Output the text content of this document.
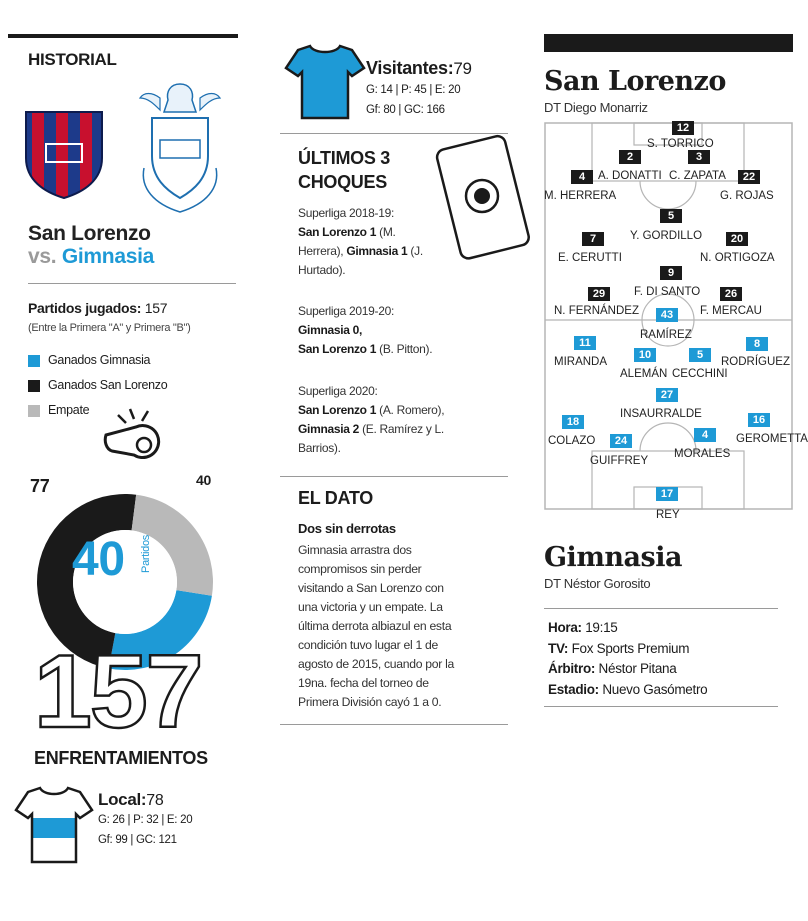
HISTORIAL
San Lorenzo
vs. Gimnasia
Partidos jugados: 157
(Entre la Primera "A" y Primera "B")
Ganados Gimnasia
Ganados San Lorenzo
Empate
77	40
40 Partidos
157
ENFRENTAMIENTOS
Local:78
G: 26 | P: 32 | E: 20
Gf: 99 | GC: 121
Visitantes:79
G: 14 | P: 45 | E: 20
Gf: 80 | GC: 166
ÚLTIMOS 3
CHOQUES
Superliga 2018-19:
San Lorenzo 1 (M.
Herrera), Gimnasia 1 (J.
Hurtado).
Superliga 2019-20:
Gimnasia 0,
San Lorenzo 1 (B. Pitton).
Superliga 2020:
San Lorenzo 1 (A. Romero),
Gimnasia 2 (E. Ramírez y L.
Barrios).
EL DATO
Dos sin derrotas
Gimnasia arrastra dos
compromisos sin perder
visitando a San Lorenzo con
una victoria y un empate. La
última derrota albiazul en esta
condición tuvo lugar el 1 de
agosto de 2015, cuando por la
19na. fecha del torneo de
Primera División cayó 1 a 0.
San Lorenzo
DT Diego Monarriz
12
S. TORRICO
2	3
4	A. DONATTI C. ZAPATA	22
M. HERRERA	G. ROJAS
5
7	Y. GORDILLO	20
E. CERUTTI	N. ORTIGOZA
9
29	F. DI SANTO	26
N. FERNÁNDEZ	F. MERCAU
43
RAMÍREZ
11	8
10	5
MIRANDA	RODRÍGUEZ
ALEMÁN CECCHINI
27
INSAURRALDE
18	16
24	4
COLAZO	GEROMETTA
MORALES
GUIFFREY
17
REY
Gimnasia
DT Néstor Gorosito
Hora: 19:15
TV: Fox Sports Premium
Árbitro: Néstor Pitana
Estadio: Nuevo Gasómetro
